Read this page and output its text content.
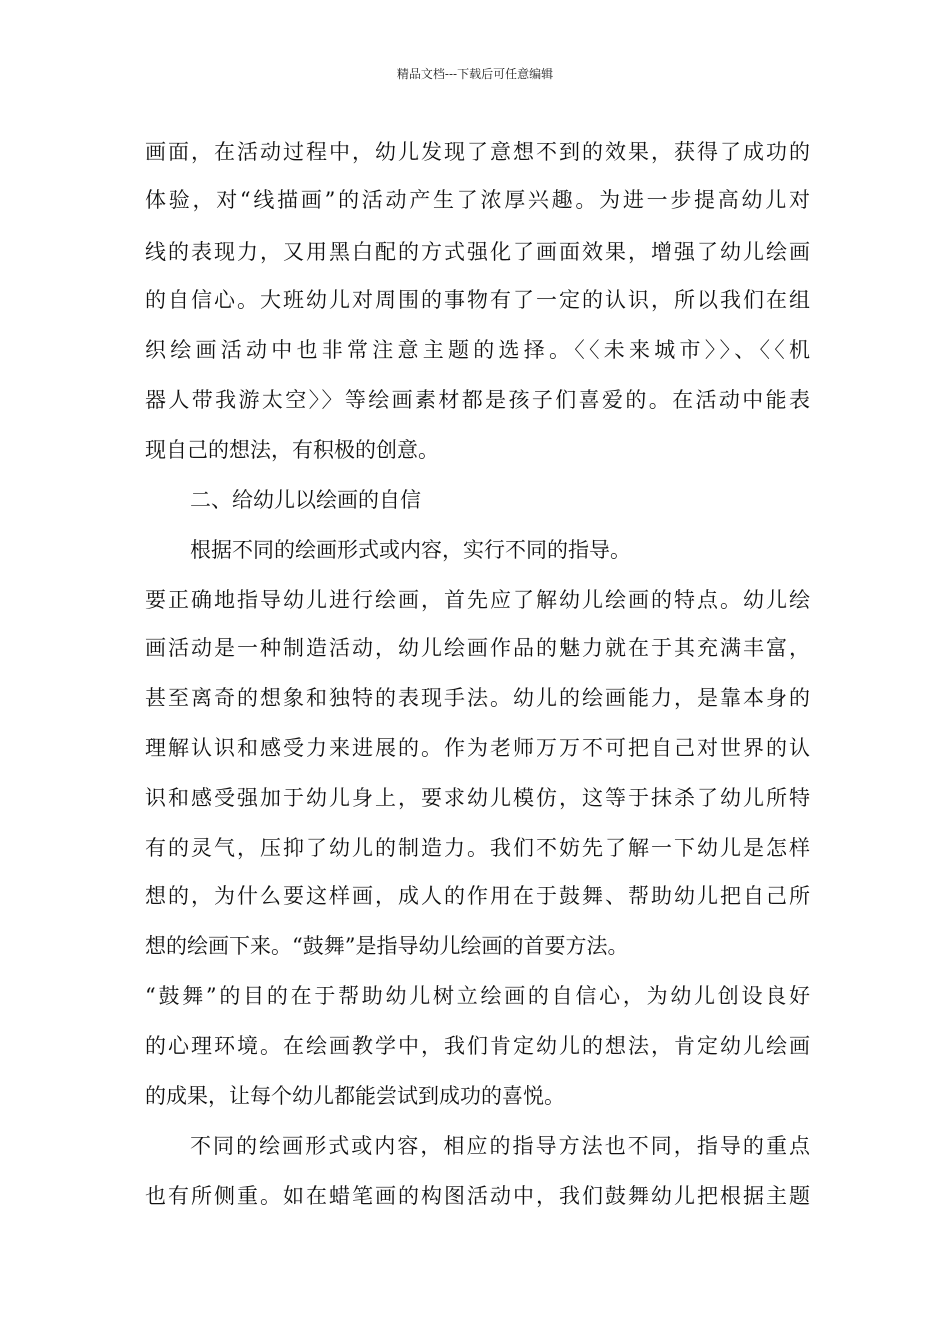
精品文档---下载后可任意编辑
画面，在活动过程中，幼儿发现了意想不到的效果，获得了成功的
体验，对“线描画”的活动产生了浓厚兴趣。为进一步提高幼儿对
线的表现力，又用黑白配的方式强化了画面效果，增强了幼儿绘画
的自信心。大班幼儿对周围的事物有了一定的认识，所以我们在组
织绘画活动中也非常注意主题的选择。〈〈未来城市〉〉、〈〈机
器人带我游太空〉〉等绘画素材都是孩子们喜爱的。在活动中能表
现自己的想法，有积极的创意。
二、给幼儿以绘画的自信
根据不同的绘画形式或内容，实行不同的指导。
要正确地指导幼儿进行绘画，首先应了解幼儿绘画的特点。幼儿绘
画活动是一种制造活动，幼儿绘画作品的魅力就在于其充满丰富，
甚至离奇的想象和独特的表现手法。幼儿的绘画能力，是靠本身的
理解认识和感受力来进展的。作为老师万万不可把自己对世界的认
识和感受强加于幼儿身上，要求幼儿模仿，这等于抹杀了幼儿所特
有的灵气，压抑了幼儿的制造力。我们不妨先了解一下幼儿是怎样
想的，为什么要这样画，成人的作用在于鼓舞、帮助幼儿把自己所
想的绘画下来。“鼓舞”是指导幼儿绘画的首要方法。
“鼓舞”的目的在于帮助幼儿树立绘画的自信心，为幼儿创设良好
的心理环境。在绘画教学中，我们肯定幼儿的想法，肯定幼儿绘画
的成果，让每个幼儿都能尝试到成功的喜悦。
不同的绘画形式或内容，相应的指导方法也不同，指导的重点
也有所侧重。如在蜡笔画的构图活动中，我们鼓舞幼儿把根据主题
